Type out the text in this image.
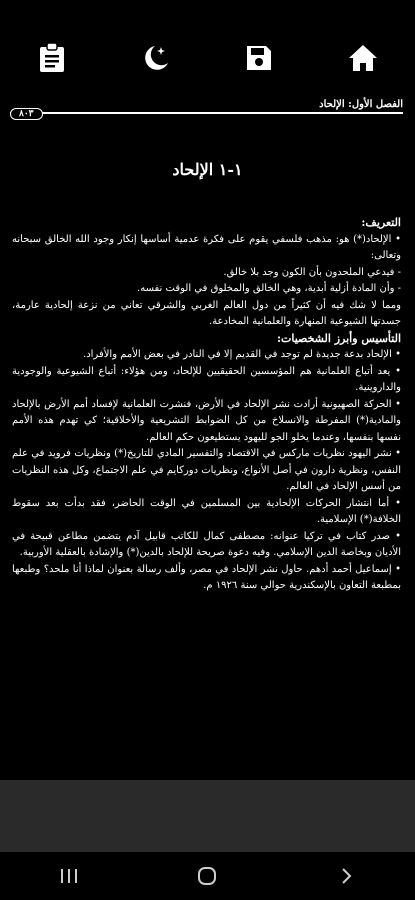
الفصل الأول: الإلحاد
٨٠٣
١-١ الإلحاد

التعريف:

• الإلحاد(*) هو: مذهب فلسفي يقوم على فكرة عدمية أساسها إنكار وجود الله الخالق سبحانه وتعالى:

- فيدعي الملحدون بأن الكون وجد بلا خالق.

- وأن المادة أزلية أبدية، وهي الخالق والمخلوق في الوقت نفسه.

ومما لا شك فيه أن كثيراً من دول العالم الغربي والشرقي تعاني من نزعة إلحادية عارمة، جسدتها الشيوعية المنهارة والعلمانية المخادعة.

التأسيس وأبرز الشخصيات:

• الإلحاد بدعة جديدة لم توجد في القديم إلا في النادر في بعض الأمم والأفراد.

• يعد أتباع العلمانية هم المؤسسين الحقيقيين للإلحاد، ومن هؤلاء: أتباع الشيوعية والوجودية والداروينية.

• الحركة الصهيونية أرادت نشر الإلحاد في الأرض، فنشرت العلمانية لإفساد أمم الأرض بالإلحاد والمادية(*) المفرطة والانسلاخ من كل الضوابط التشريعية والأخلاقية؛ كي تهدم هذه الأمم نفسها بنفسها، وعندما يخلو الجو لليهود يستطيعون حكم العالم.

• نشر اليهود نظريات ماركس في الاقتصاد والتفسير المادي للتاريخ(*) ونظريات فرويد في علم النفس، ونظرية دارون في أصل الأنواع، ونظريات دوركايم في علم الاجتماع، وكل هذه النظريات من أسس الإلحاد في العالم.

• أما انتشار الحركات الإلحادية بين المسلمين في الوقت الحاضر، فقد بدأت بعد سقوط الخلافة(*) الإسلامية.

• صدر كتاب في تركيا عنوانه: مصطفى كمال للكاتب قابيل آدم يتضمن مطاعن قبيحة في الأديان وبخاصة الدين الإسلامي. وفيه دعوة صريحة للإلحاد بالدين(*) والإشادة بالعقلية الأوربية.

• إسماعيل أحمد أدهم. حاول نشر الإلحاد في مصر، وألف رسالة بعنوان لماذا أنا ملحد؟ وطبعها بمطبعة التعاون بالإسكندرية حوالي سنة ١٩٢٦ م.
